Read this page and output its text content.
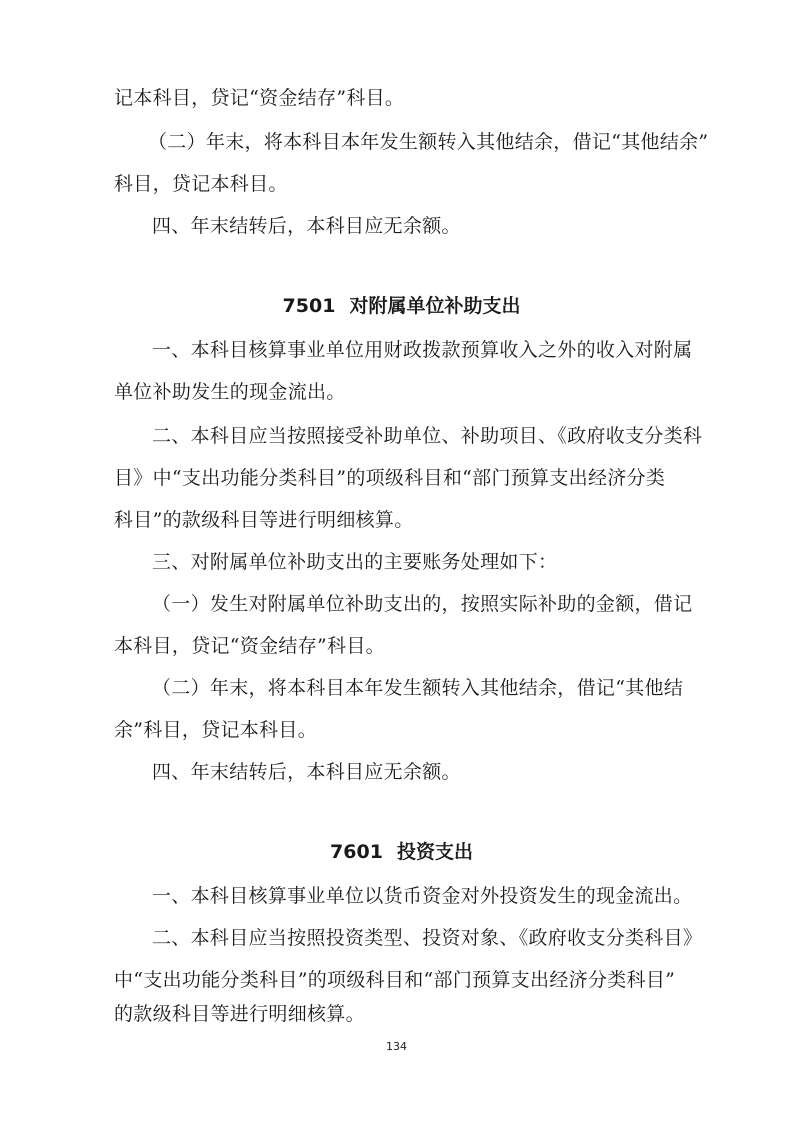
记本科目，贷记“资金结存”科目。
（二）年末，将本科目本年发生额转入其他结余，借记“其他结余”
科目，贷记本科目。
四、年末结转后，本科目应无余额。
7501 对附属单位补助支出
一、本科目核算事业单位用财政拨款预算收入之外的收入对附属
单位补助发生的现金流出。
二、本科目应当按照接受补助单位、补助项目、《政府收支分类科
目》中“支出功能分类科目”的项级科目和“部门预算支出经济分类
科目”的款级科目等进行明细核算。
三、对附属单位补助支出的主要账务处理如下：
（一）发生对附属单位补助支出的，按照实际补助的金额，借记
本科目，贷记“资金结存”科目。
（二）年末，将本科目本年发生额转入其他结余，借记“其他结
余”科目，贷记本科目。
四、年末结转后，本科目应无余额。
7601 投资支出
一、本科目核算事业单位以货币资金对外投资发生的现金流出。
二、本科目应当按照投资类型、投资对象、《政府收支分类科目》
中“支出功能分类科目”的项级科目和“部门预算支出经济分类科目”
的款级科目等进行明细核算。
134
